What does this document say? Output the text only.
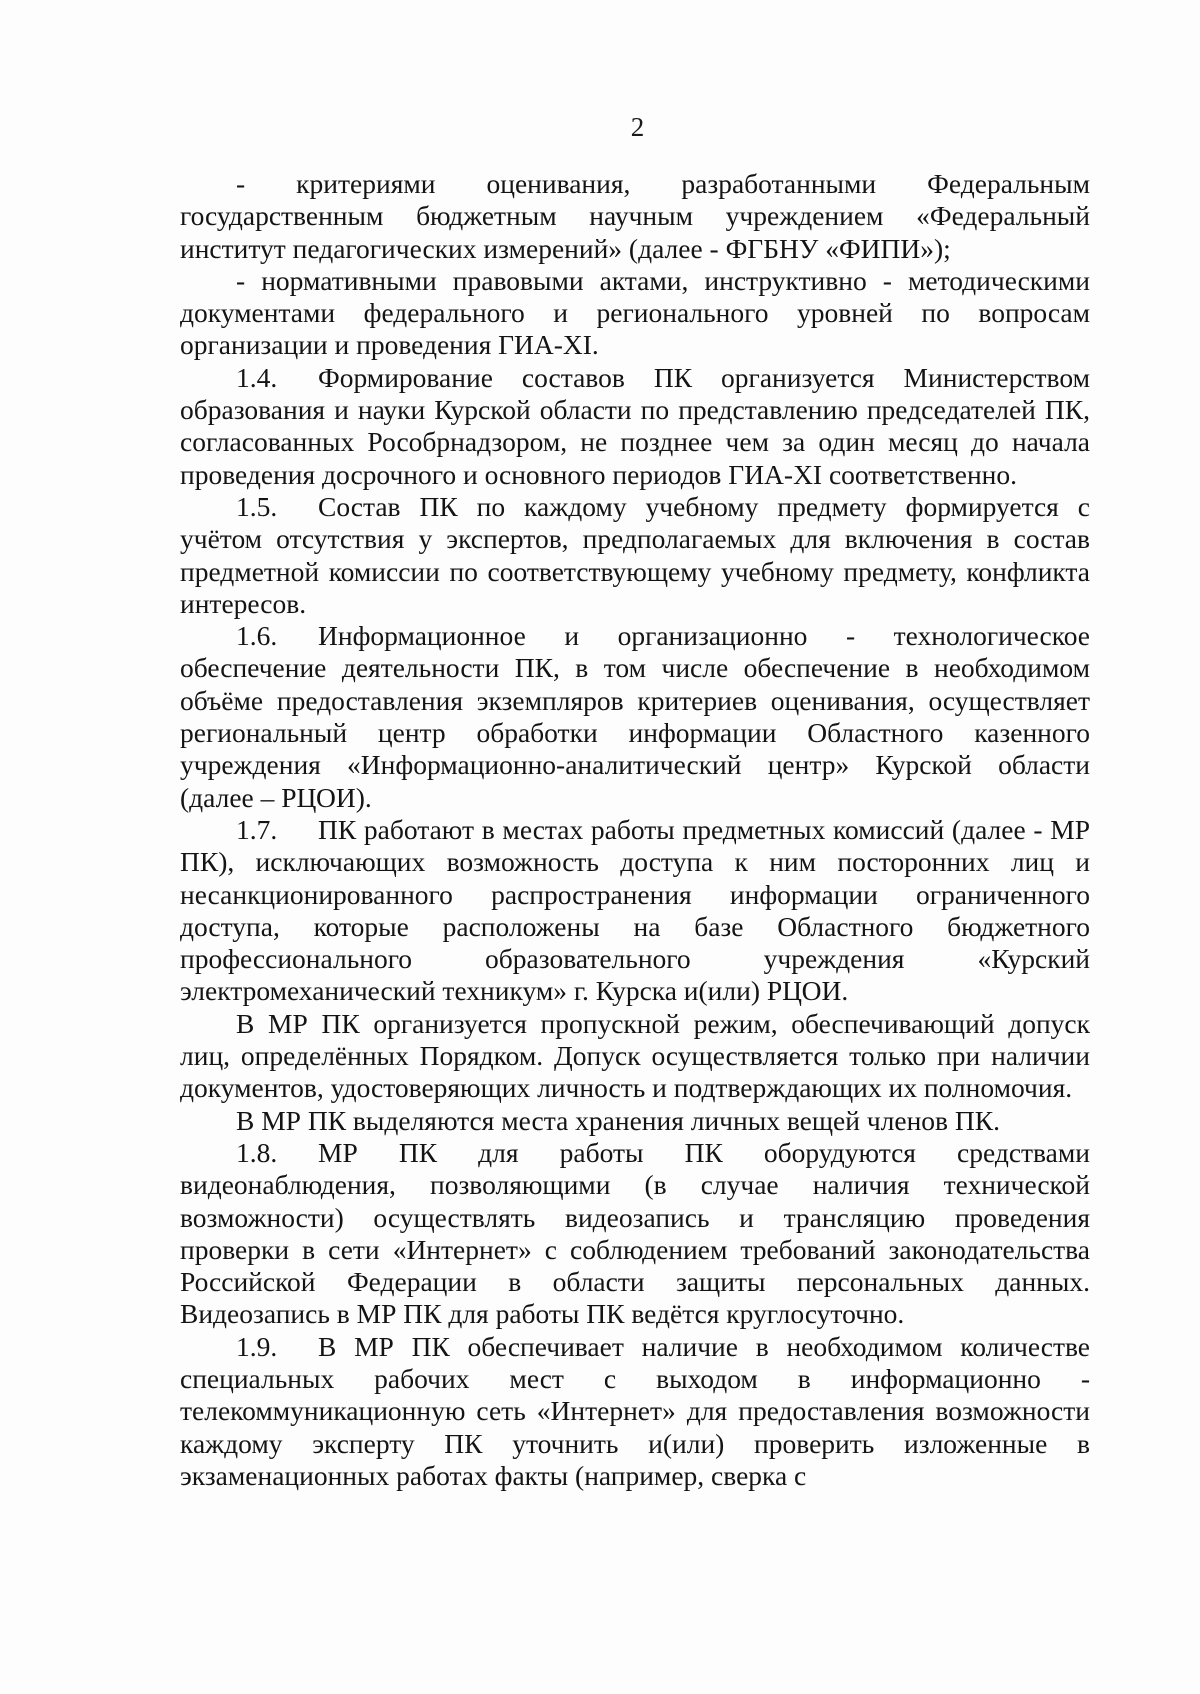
2

- критериями оценивания, разработанными Федеральным государственным бюджетным научным учреждением «Федеральный институт педагогических измерений» (далее - ФГБНУ «ФИПИ»);

- нормативными правовыми актами, инструктивно - методическими документами федерального и регионального уровней по вопросам организации и проведения ГИА-XI.

1.4. Формирование составов ПК организуется Министерством образования и науки Курской области по представлению председателей ПК, согласованных Рособрнадзором, не позднее чем за один месяц до начала проведения досрочного и основного периодов ГИА-XI соответственно.

1.5. Состав ПК по каждому учебному предмету формируется с учётом отсутствия у экспертов, предполагаемых для включения в состав предметной комиссии по соответствующему учебному предмету, конфликта интересов.

1.6. Информационное и организационно - технологическое обеспечение деятельности ПК, в том числе обеспечение в необходимом объёме предоставления экземпляров критериев оценивания, осуществляет региональный центр обработки информации Областного казенного учреждения «Информационно-аналитический центр» Курской области (далее – РЦОИ).

1.7. ПК работают в местах работы предметных комиссий (далее - МР ПК), исключающих возможность доступа к ним посторонних лиц и несанкционированного распространения информации ограниченного доступа, которые расположены на базе Областного бюджетного профессионального образовательного учреждения «Курский электромеханический техникум» г. Курска и(или) РЦОИ.

В МР ПК организуется пропускной режим, обеспечивающий допуск лиц, определённых Порядком. Допуск осуществляется только при наличии документов, удостоверяющих личность и подтверждающих их полномочия.

В МР ПК выделяются места хранения личных вещей членов ПК.

1.8. МР ПК для работы ПК оборудуются средствами видеонаблюдения, позволяющими (в случае наличия технической возможности) осуществлять видеозапись и трансляцию проведения проверки в сети «Интернет» с соблюдением требований законодательства Российской Федерации в области защиты персональных данных. Видеозапись в МР ПК для работы ПК ведётся круглосуточно.

1.9. В МР ПК обеспечивает наличие в необходимом количестве специальных рабочих мест с выходом в информационно - телекоммуникационную сеть «Интернет» для предоставления возможности каждому эксперту ПК уточнить и(или) проверить изложенные в экзаменационных работах факты (например, сверка с
